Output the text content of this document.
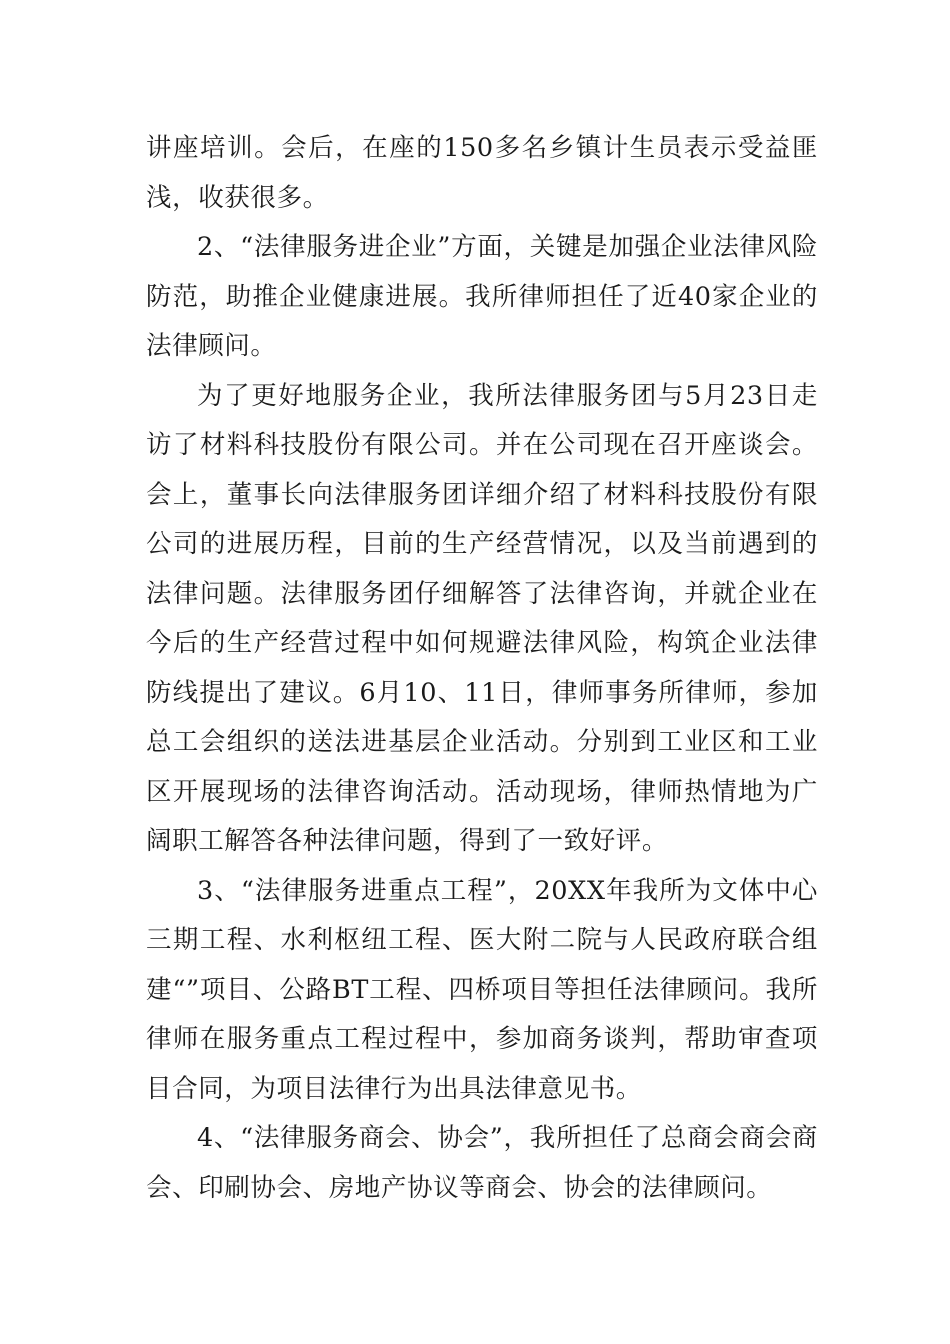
讲座培训。会后，在座的150多名乡镇计生员表示受益匪浅，收获很多。

2、“法律服务进企业”方面，关键是加强企业法律风险防范，助推企业健康进展。我所律师担任了近40家企业的法律顾问。

为了更好地服务企业，我所法律服务团与5月23日走访了材料科技股份有限公司。并在公司现在召开座谈会。会上，董事长向法律服务团详细介绍了材料科技股份有限公司的进展历程，目前的生产经营情况，以及当前遇到的法律问题。法律服务团仔细解答了法律咨询，并就企业在今后的生产经营过程中如何规避法律风险，构筑企业法律防线提出了建议。6月10、11日，律师事务所律师，参加总工会组织的送法进基层企业活动。分别到工业区和工业区开展现场的法律咨询活动。活动现场，律师热情地为广阔职工解答各种法律问题，得到了一致好评。

3、“法律服务进重点工程”，20XX年我所为文体中心三期工程、水利枢纽工程、医大附二院与人民政府联合组建“”项目、公路BT工程、四桥项目等担任法律顾问。我所律师在服务重点工程过程中，参加商务谈判，帮助审查项目合同，为项目法律行为出具法律意见书。

4、“法律服务商会、协会”，我所担任了总商会商会商会、印刷协会、房地产协议等商会、协会的法律顾问。
